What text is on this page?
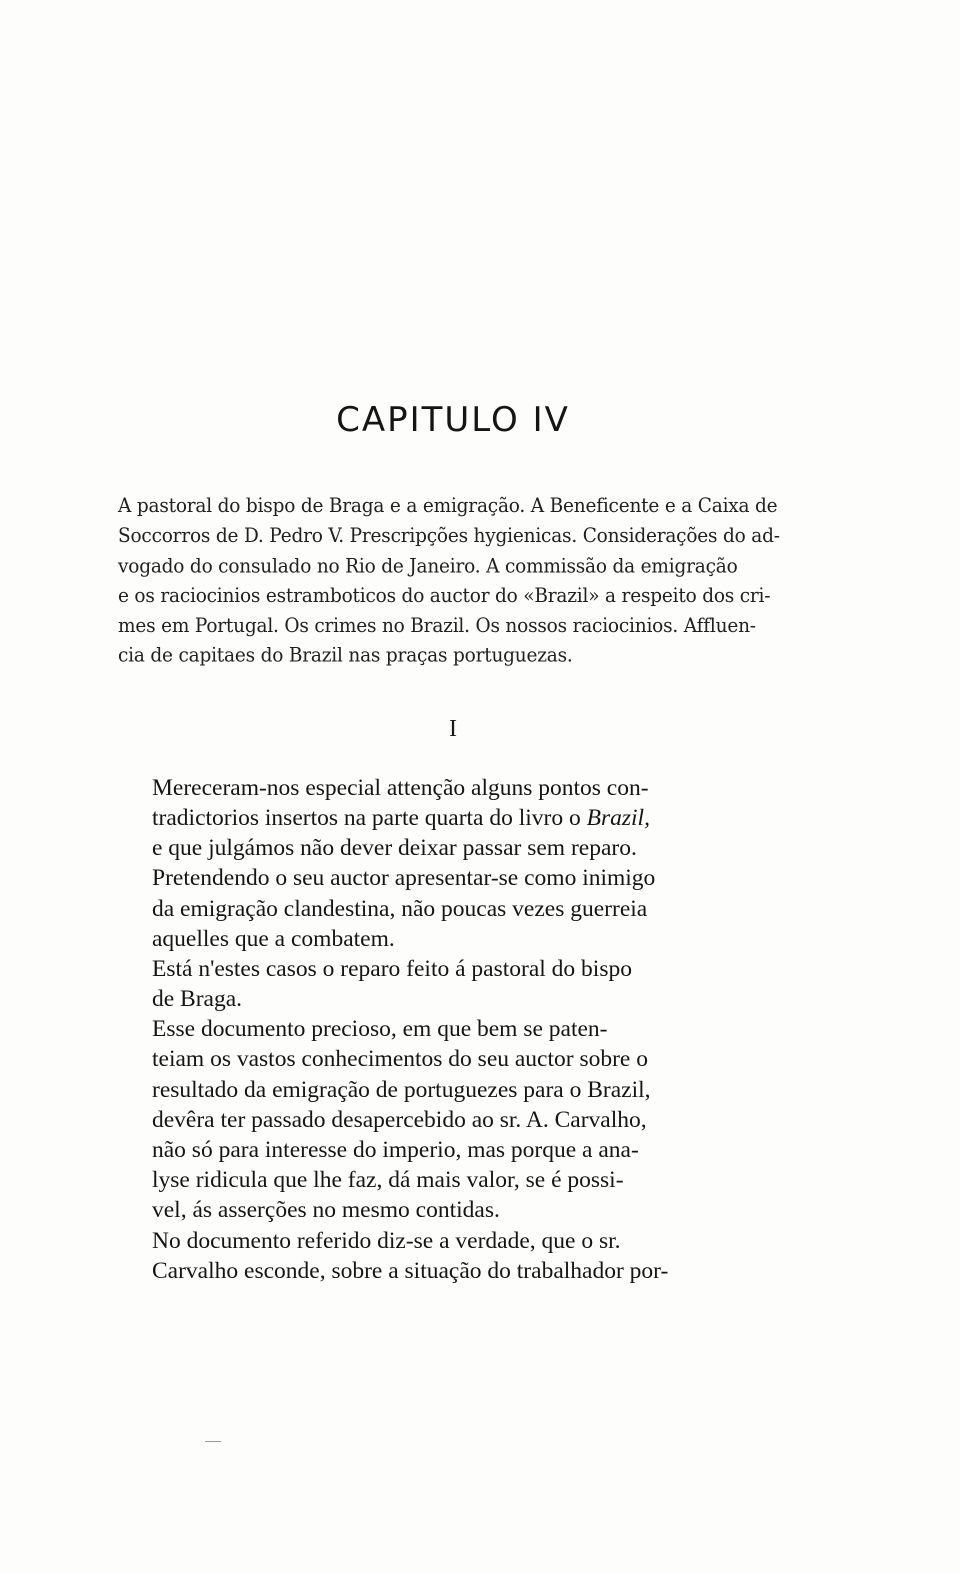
CAPITULO IV
A pastoral do bispo de Braga e a emigração. A Beneficente e a Caixa de
Soccorros de D. Pedro V. Prescripções hygienicas. Considerações do ad-
vogado do consulado no Rio de Janeiro. A commissão da emigração
e os raciocinios estramboticos do auctor do «Brazil» a respeito dos cri-
mes em Portugal. Os crimes no Brazil. Os nossos raciocinios. Affluen-
cia de capitaes do Brazil nas praças portuguezas.
I

Mereceram-nos especial attenção alguns pontos con-
tradictorios insertos na parte quarta do livro o Brazil,
e que julgámos não dever deixar passar sem reparo.

Pretendendo o seu auctor apresentar-se como inimigo
da emigração clandestina, não poucas vezes guerreia
aquelles que a combatem.

Está n'estes casos o reparo feito á pastoral do bispo
de Braga.

Esse documento precioso, em que bem se paten-
teiam os vastos conhecimentos do seu auctor sobre o
resultado da emigração de portuguezes para o Brazil,
devêra ter passado desapercebido ao sr. A. Carvalho,
não só para interesse do imperio, mas porque a ana-
lyse ridicula que lhe faz, dá mais valor, se é possi-
vel, ás asserções no mesmo contidas.

No documento referido diz-se a verdade, que o sr.
Carvalho esconde, sobre a situação do trabalhador por-
